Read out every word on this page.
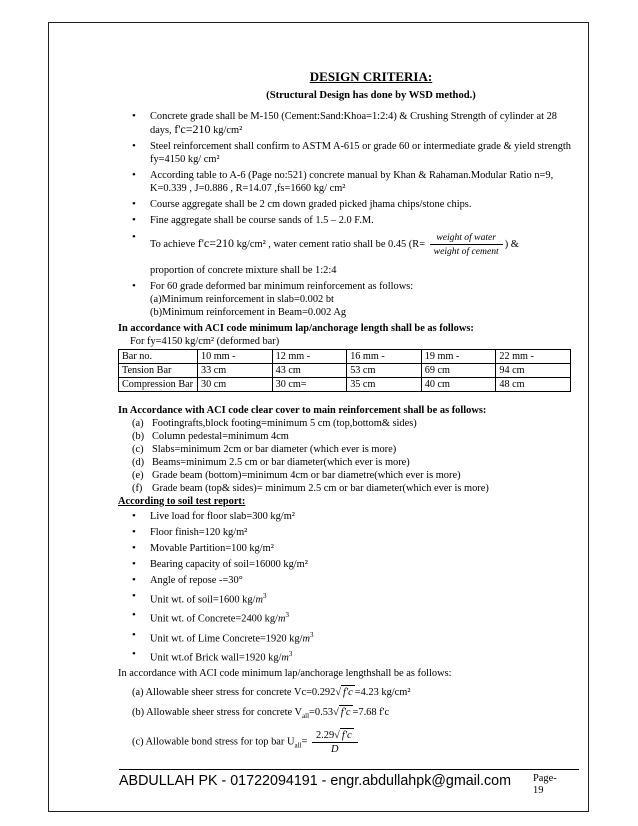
DESIGN CRITERIA:
(Structural Design has done by WSD method.)
• Concrete grade shall be M-150 (Cement:Sand:Khoa=1:2:4) & Crushing Strength of cylinder at 28 days, f'c=210 kg/cm²
• Steel reinforcement shall confirm to ASTM A-615 or grade 60 or intermediate grade & yield strength fy=4150 kg/ cm²
• According table to A-6 (Page no:521) concrete manual by Khan & Rahaman.Modular Ratio n=9, K=0.339 , J=0.886 , R=14.07 ,fs=1660 kg/ cm²
• Course aggregate shall be 2 cm down graded picked jhama chips/stone chips.
• Fine aggregate shall be course sands of 1.5 – 2.0 F.M.
• To achieve f'c=210 kg/cm² , water cement ratio shall be 0.45 ($R= \frac{\text{weight of water}}{\text{weight of cement}}$ ) &
proportion of concrete mixture shall be 1:2:4
• For 60 grade deformed bar minimum reinforcement as follows:
(a)Minimum reinforcement in slab=0.002 bt
(b)Minimum reinforcement in Beam=0.002 Ag
In accordance with ACI code minimum lap/anchorage length shall be as follows:
For fy=4150 kg/cm² (deformed bar)
Bar no.	10 mm -	12 mm -	16 mm -	19 mm -	22 mm -
Tension Bar	33 cm	43 cm	53 cm	69 cm	94 cm
Compression Bar	30 cm	30 cm=	35 cm	40 cm	48 cm
In Accordance with ACI code clear cover to main reinforcement shall be as follows:
(a) Footingrafts,block footing=minimum 5 cm (top,bottom& sides)
(b) Column pedestal=minimum 4cm
(c) Slabs=minimum 2cm or bar diameter (which ever is more)
(d) Beams=minimum 2.5 cm or bar diameter(which ever is more)
(e) Grade beam (bottom)=minimum 4cm or bar diametre(which ever is more)
(f) Grade beam (top& sides)= minimum 2.5 cm or bar diameter(which ever is more)
According to soil test report:
• Live load for floor slab=300 kg/m²
• Floor finish=120 kg/m²
• Movable Partition=100 kg/m²
• Bearing capacity of soil=16000 kg/m²
• Angle of repose -=30°
• Unit wt. of soil=1600 $kg/m^3$
• Unit wt. of Concrete=2400 $kg/m^3$
• Unit wt. of Lime Concrete=1920 $kg/m^3$
• Unit wt.of Brick wall=1920 $kg/m^3$
In accordance with ACI code minimum lap/anchorage lengthshall be as follows:
(a) Allowable sheer stress for concrete Vc=0.292√ f'c =4.23 kg/cm²
(b) Allowable sheer stress for concrete $V_{all}=0.53√$ f'c =7.68 f'c
(c) Allowable bond stress for top bar $U_{all}= \frac{2.29√ f'c}{D}$
ABDULLAH PK - 01722094191 - engr.abdullahpk@gmail.com Page-
19
